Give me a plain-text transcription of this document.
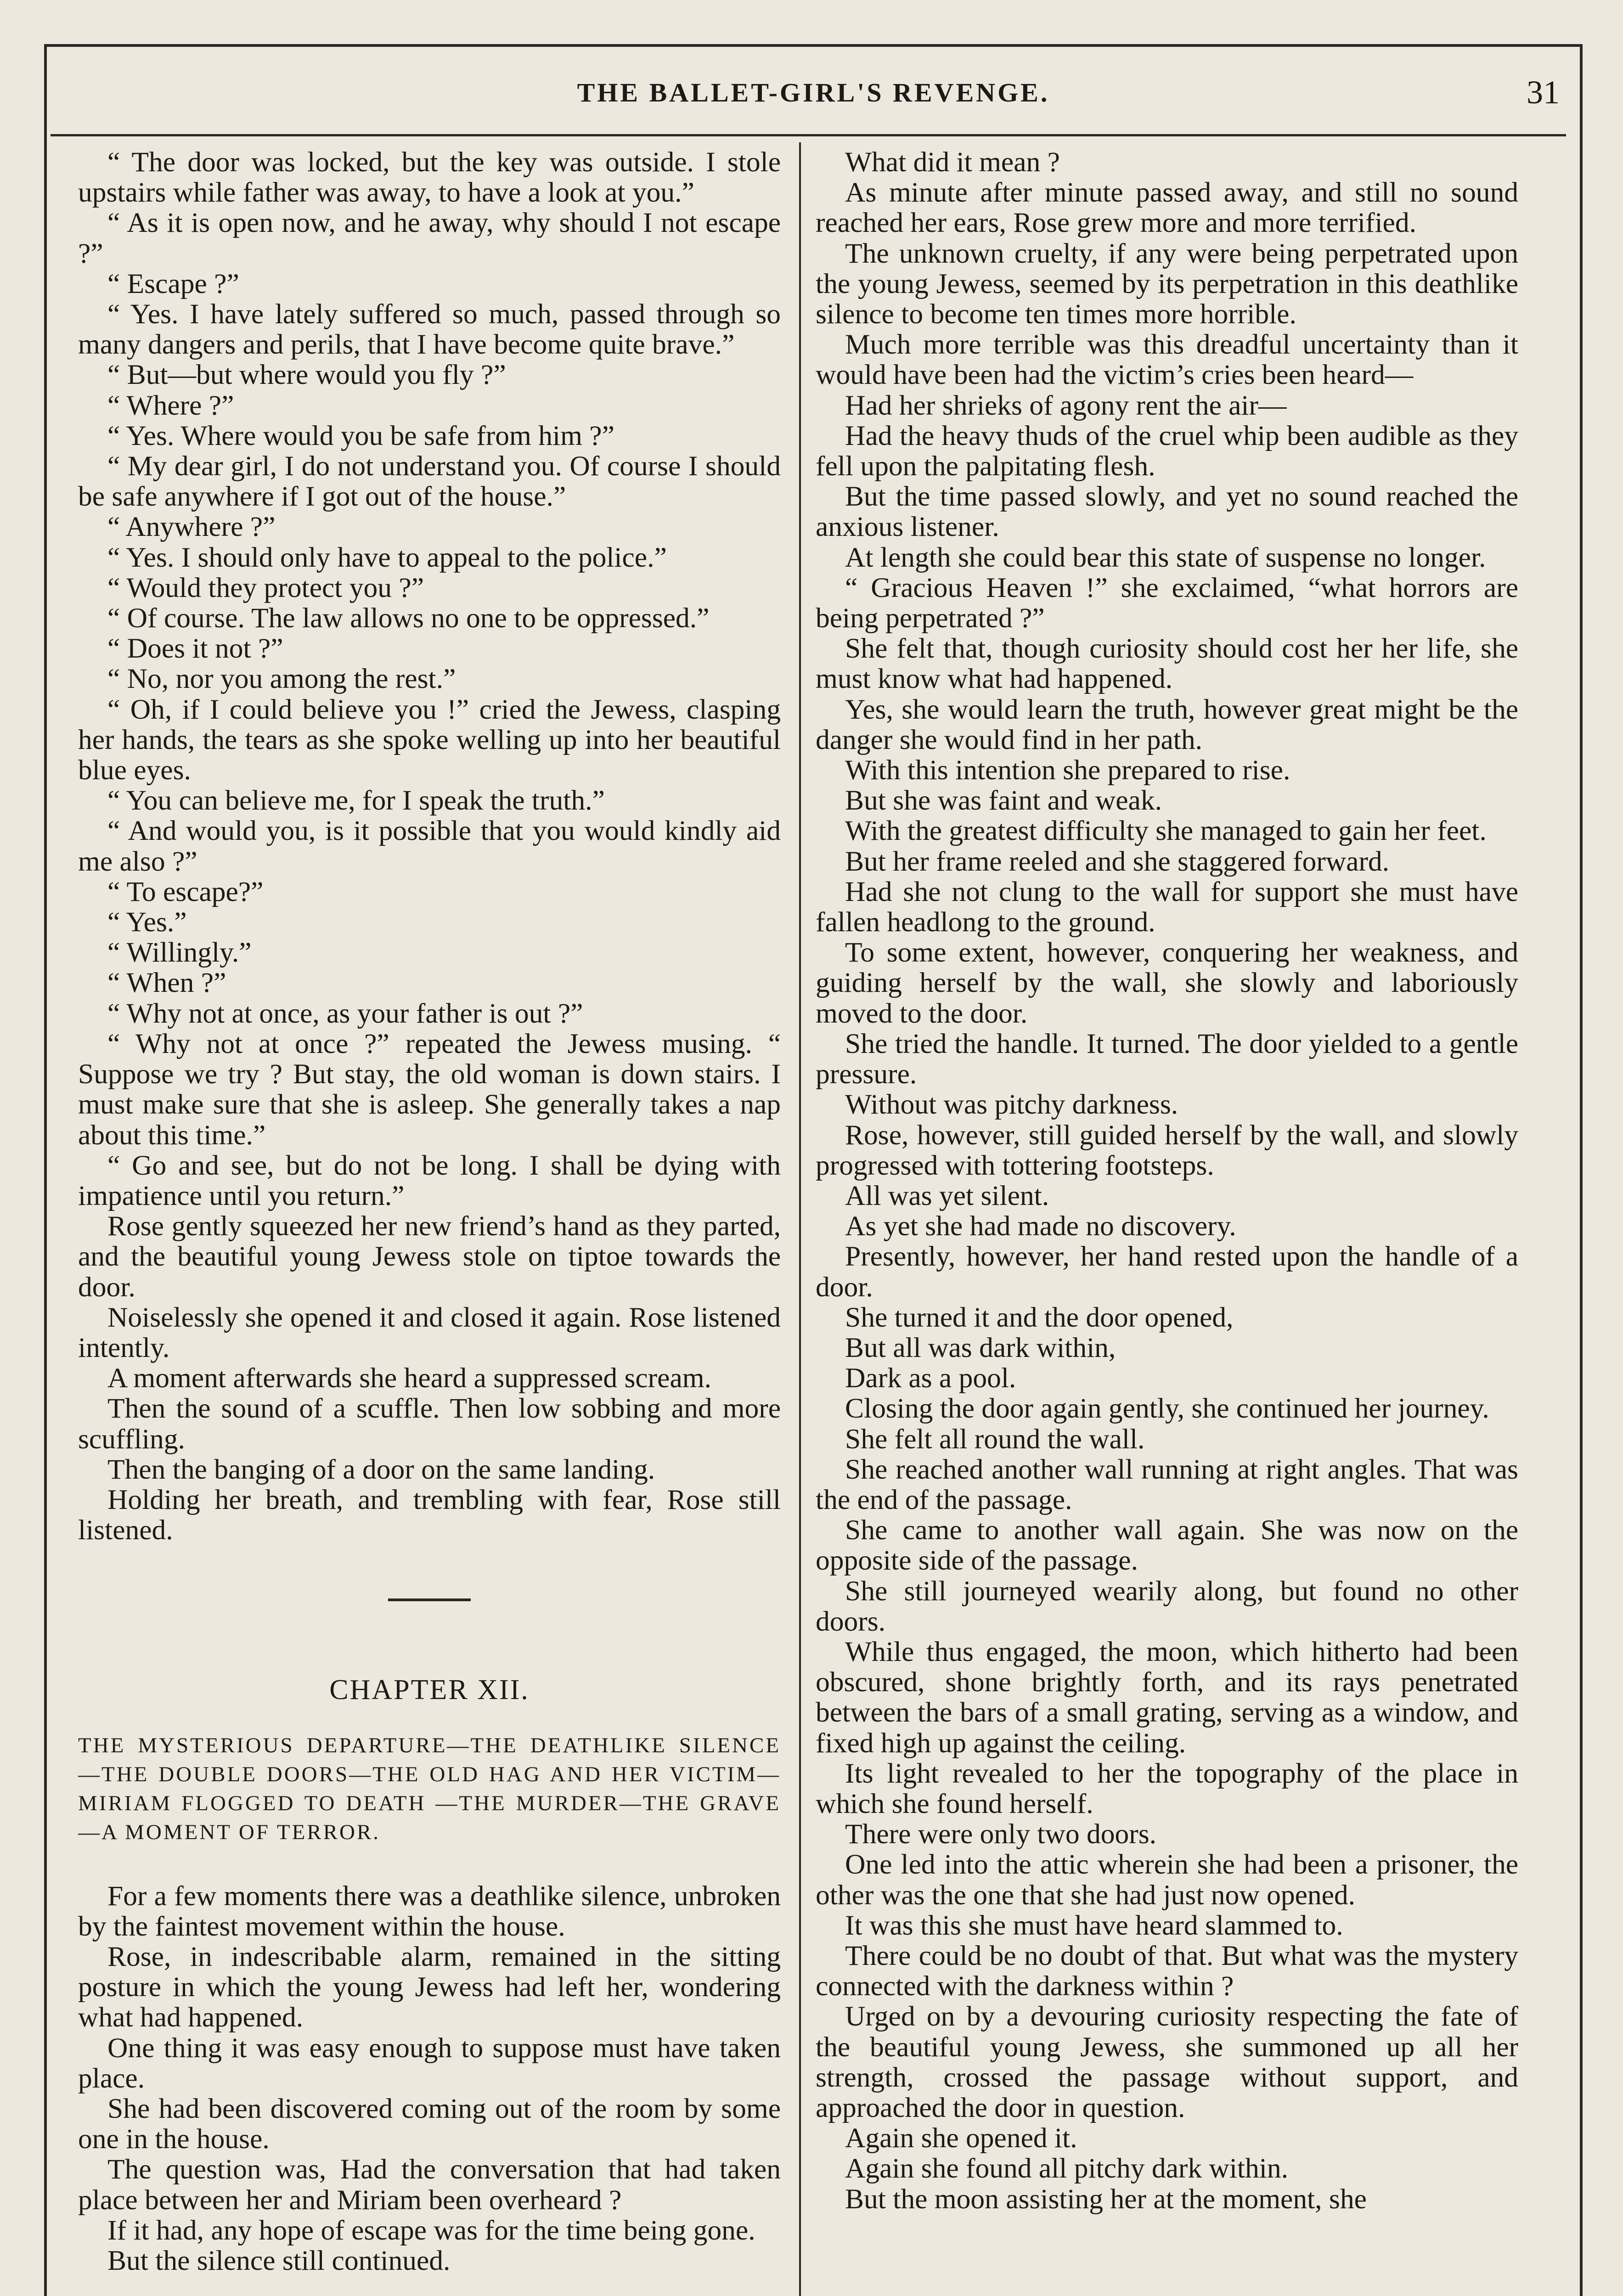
THE BALLET-GIRL'S REVENGE.	31

“ The door was locked, but the key was outside. I stole upstairs while father was away, to have a look at you.”

“ As it is open now, and he away, why should I not escape ?”

“ Escape ?”

“ Yes. I have lately suffered so much, passed through so many dangers and perils, that I have become quite brave.”

“ But—but where would you fly ?”

“ Where ?”

“ Yes. Where would you be safe from him ?”

“ My dear girl, I do not understand you. Of course I should be safe anywhere if I got out of the house.”

“ Anywhere ?”

“ Yes. I should only have to appeal to the police.”

“ Would they protect you ?”

“ Of course. The law allows no one to be oppressed.”

“ Does it not ?”

“ No, nor you among the rest.”

“ Oh, if I could believe you !” cried the Jewess, clasping her hands, the tears as she spoke welling up into her beautiful blue eyes.

“ You can believe me, for I speak the truth.”

“ And would you, is it possible that you would kindly aid me also ?”

“ To escape?”

“ Yes.”

“ Willingly.”

“ When ?”

“ Why not at once, as your father is out ?”

“ Why not at once ?” repeated the Jewess musing. “ Suppose we try ? But stay, the old woman is down stairs. I must make sure that she is asleep. She generally takes a nap about this time.”

“ Go and see, but do not be long. I shall be dying with impatience until you return.”

Rose gently squeezed her new friend’s hand as they parted, and the beautiful young Jewess stole on tiptoe towards the door.

Noiselessly she opened it and closed it again. Rose listened intently.

A moment afterwards she heard a suppressed scream.

Then the sound of a scuffle. Then low sobbing and more scuffling.

Then the banging of a door on the same landing.

Holding her breath, and trembling with fear, Rose still listened.

CHAPTER XII.

THE MYSTERIOUS DEPARTURE—THE DEATHLIKE SILENCE—THE DOUBLE DOORS—THE OLD HAG AND HER VICTIM—MIRIAM FLOGGED TO DEATH —THE MURDER—THE GRAVE—A MOMENT OF TERROR.

For a few moments there was a deathlike silence, unbroken by the faintest movement within the house.

Rose, in indescribable alarm, remained in the sitting posture in which the young Jewess had left her, wondering what had happened.

One thing it was easy enough to suppose must have taken place.

She had been discovered coming out of the room by some one in the house.

The question was, Had the conversation that had taken place between her and Miriam been overheard ?

If it had, any hope of escape was for the time being gone.

But the silence still continued.

What did it mean ?

As minute after minute passed away, and still no sound reached her ears, Rose grew more and more terrified.

The unknown cruelty, if any were being perpetrated upon the young Jewess, seemed by its perpetration in this deathlike silence to become ten times more horrible.

Much more terrible was this dreadful uncertainty than it would have been had the victim’s cries been heard—

Had her shrieks of agony rent the air—

Had the heavy thuds of the cruel whip been audible as they fell upon the palpitating flesh.

But the time passed slowly, and yet no sound reached the anxious listener.

At length she could bear this state of suspense no longer.

“ Gracious Heaven !” she exclaimed, “what horrors are being perpetrated ?”

She felt that, though curiosity should cost her her life, she must know what had happened.

Yes, she would learn the truth, however great might be the danger she would find in her path.

With this intention she prepared to rise.

But she was faint and weak.

With the greatest difficulty she managed to gain her feet.

But her frame reeled and she staggered forward.

Had she not clung to the wall for support she must have fallen headlong to the ground.

To some extent, however, conquering her weakness, and guiding herself by the wall, she slowly and laboriously moved to the door.

She tried the handle. It turned. The door yielded to a gentle pressure.

Without was pitchy darkness.

Rose, however, still guided herself by the wall, and slowly progressed with tottering footsteps.

All was yet silent.

As yet she had made no discovery.

Presently, however, her hand rested upon the handle of a door.

She turned it and the door opened,

But all was dark within,

Dark as a pool.

Closing the door again gently, she continued her journey.

She felt all round the wall.

She reached another wall running at right angles. That was the end of the passage.

She came to another wall again. She was now on the opposite side of the passage.

She still journeyed wearily along, but found no other doors.

While thus engaged, the moon, which hitherto had been obscured, shone brightly forth, and its rays penetrated between the bars of a small grating, serving as a window, and fixed high up against the ceiling.

Its light revealed to her the topography of the place in which she found herself.

There were only two doors.

One led into the attic wherein she had been a prisoner, the other was the one that she had just now opened.

It was this she must have heard slammed to.

There could be no doubt of that. But what was the mystery connected with the darkness within ?

Urged on by a devouring curiosity respecting the fate of the beautiful young Jewess, she summoned up all her strength, crossed the passage without support, and approached the door in question.

Again she opened it.

Again she found all pitchy dark within.

But the moon assisting her at the moment, she
